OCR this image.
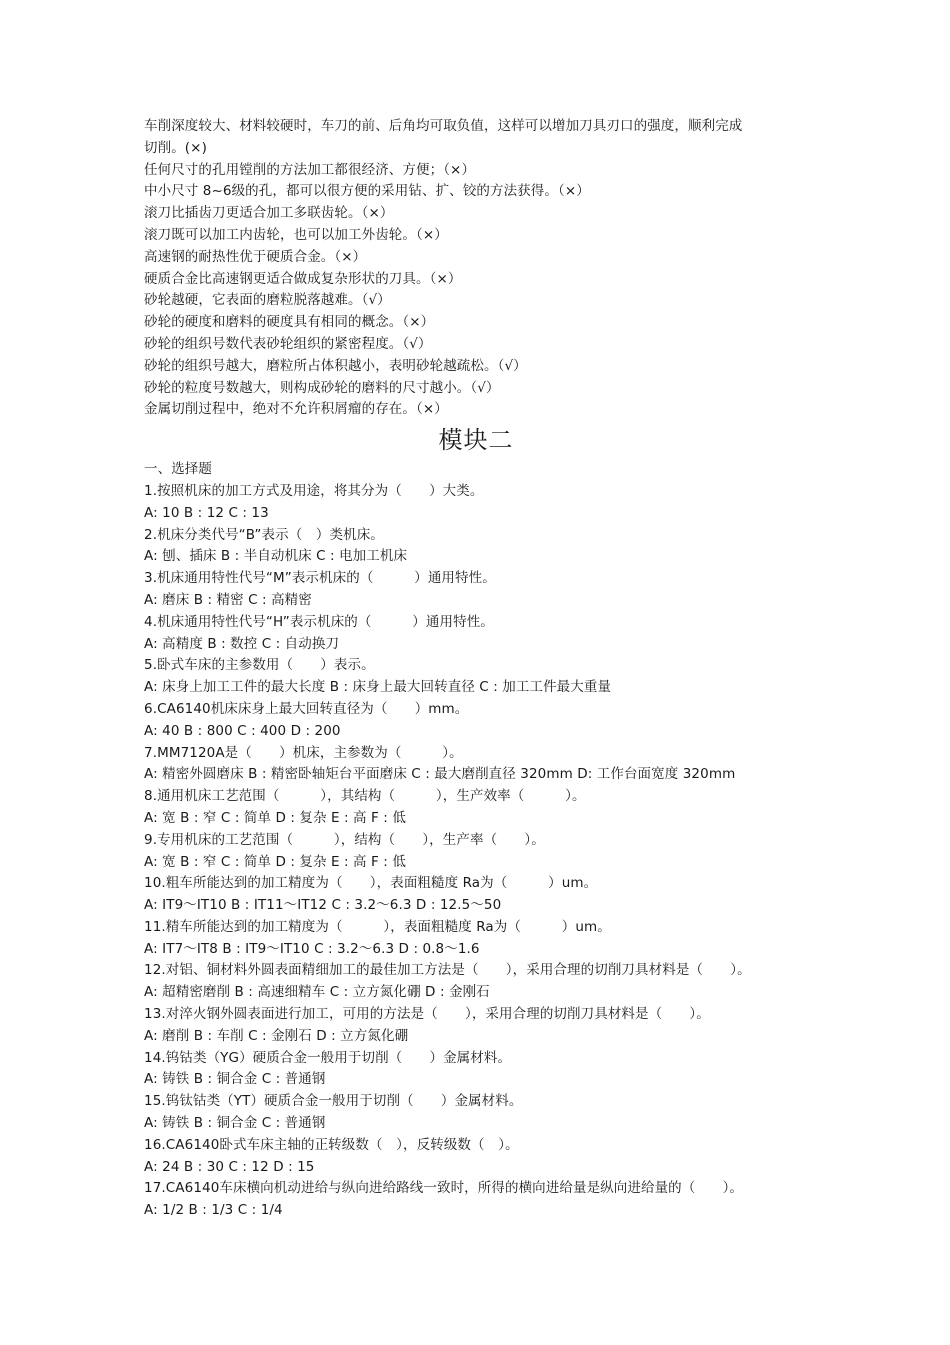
车削深度较大、材料较硬时，车刀的前、后角均可取负值，这样可以增加刀具刃口的强度，顺利完成
切削。(×)
任何尺寸的孔用镗削的方法加工都很经济、方便；（×）
中小尺寸 8~6级的孔，都可以很方便的采用钻、扩、铰的方法获得。（×）
滚刀比插齿刀更适合加工多联齿轮。（×）
滚刀既可以加工内齿轮，也可以加工外齿轮。（×）
高速钢的耐热性优于硬质合金。（×）
硬质合金比高速钢更适合做成复杂形状的刀具。（×）
砂轮越硬，它表面的磨粒脱落越难。（√）
砂轮的硬度和磨料的硬度具有相同的概念。（×）
砂轮的组织号数代表砂轮组织的紧密程度。（√）
砂轮的组织号越大，磨粒所占体积越小，表明砂轮越疏松。（√）
砂轮的粒度号数越大，则构成砂轮的磨料的尺寸越小。（√）
金属切削过程中，绝对不允许积屑瘤的存在。（×）
模块二
一、选择题
1.按照机床的加工方式及用途，将其分为（　　）大类。
A: 10 B : 12 C : 13
2.机床分类代号“B”表示（　）类机床。
A: 刨、插床 B : 半自动机床 C : 电加工机床
3.机床通用特性代号“M”表示机床的（　　　）通用特性。
A: 磨床 B : 精密 C : 高精密
4.机床通用特性代号“H”表示机床的（　　　）通用特性。
A: 高精度 B : 数控 C : 自动换刀
5.卧式车床的主参数用（　　）表示。
A: 床身上加工工件的最大长度 B : 床身上最大回转直径 C : 加工工件最大重量
6.CA6140机床床身上最大回转直径为（　　）mm。
A: 40 B : 800 C : 400 D : 200
7.MM7120A是（　　）机床，主参数为（　　　）。
A: 精密外圆磨床 B : 精密卧轴矩台平面磨床 C : 最大磨削直径 320mm D: 工作台面宽度 320mm
8.通用机床工艺范围（　　　），其结构（　　　），生产效率（　　　）。
A: 宽 B : 窄 C : 简单 D : 复杂 E : 高 F : 低
9.专用机床的工艺范围（　　　），结构（　　），生产率（　　）。
A: 宽 B : 窄 C : 简单 D : 复杂 E : 高 F : 低
10.粗车所能达到的加工精度为（　　），表面粗糙度 Ra为（　　　）um。
A: IT9～IT10 B : IT11～IT12 C : 3.2～6.3 D : 12.5～50
11.精车所能达到的加工精度为（　　　），表面粗糙度 Ra为（　　　）um。
A: IT7～IT8 B : IT9～IT10 C : 3.2～6.3 D : 0.8～1.6
12.对铝、铜材料外圆表面精细加工的最佳加工方法是（　　），采用合理的切削刀具材料是（　　）。
A: 超精密磨削 B : 高速细精车 C : 立方氮化硼 D : 金刚石
13.对淬火钢外圆表面进行加工，可用的方法是（　　），采用合理的切削刀具材料是（　　）。
A: 磨削 B : 车削 C : 金刚石 D : 立方氮化硼
14.钨钴类（YG）硬质合金一般用于切削（　　）金属材料。
A: 铸铁 B : 铜合金 C : 普通钢
15.钨钛钴类（YT）硬质合金一般用于切削（　　）金属材料。
A: 铸铁 B : 铜合金 C : 普通钢
16.CA6140卧式车床主轴的正转级数（　），反转级数（　）。
A: 24 B : 30 C : 12 D : 15
17.CA6140车床横向机动进给与纵向进给路线一致时，所得的横向进给量是纵向进给量的（　　）。
A: 1/2 B : 1/3 C : 1/4
